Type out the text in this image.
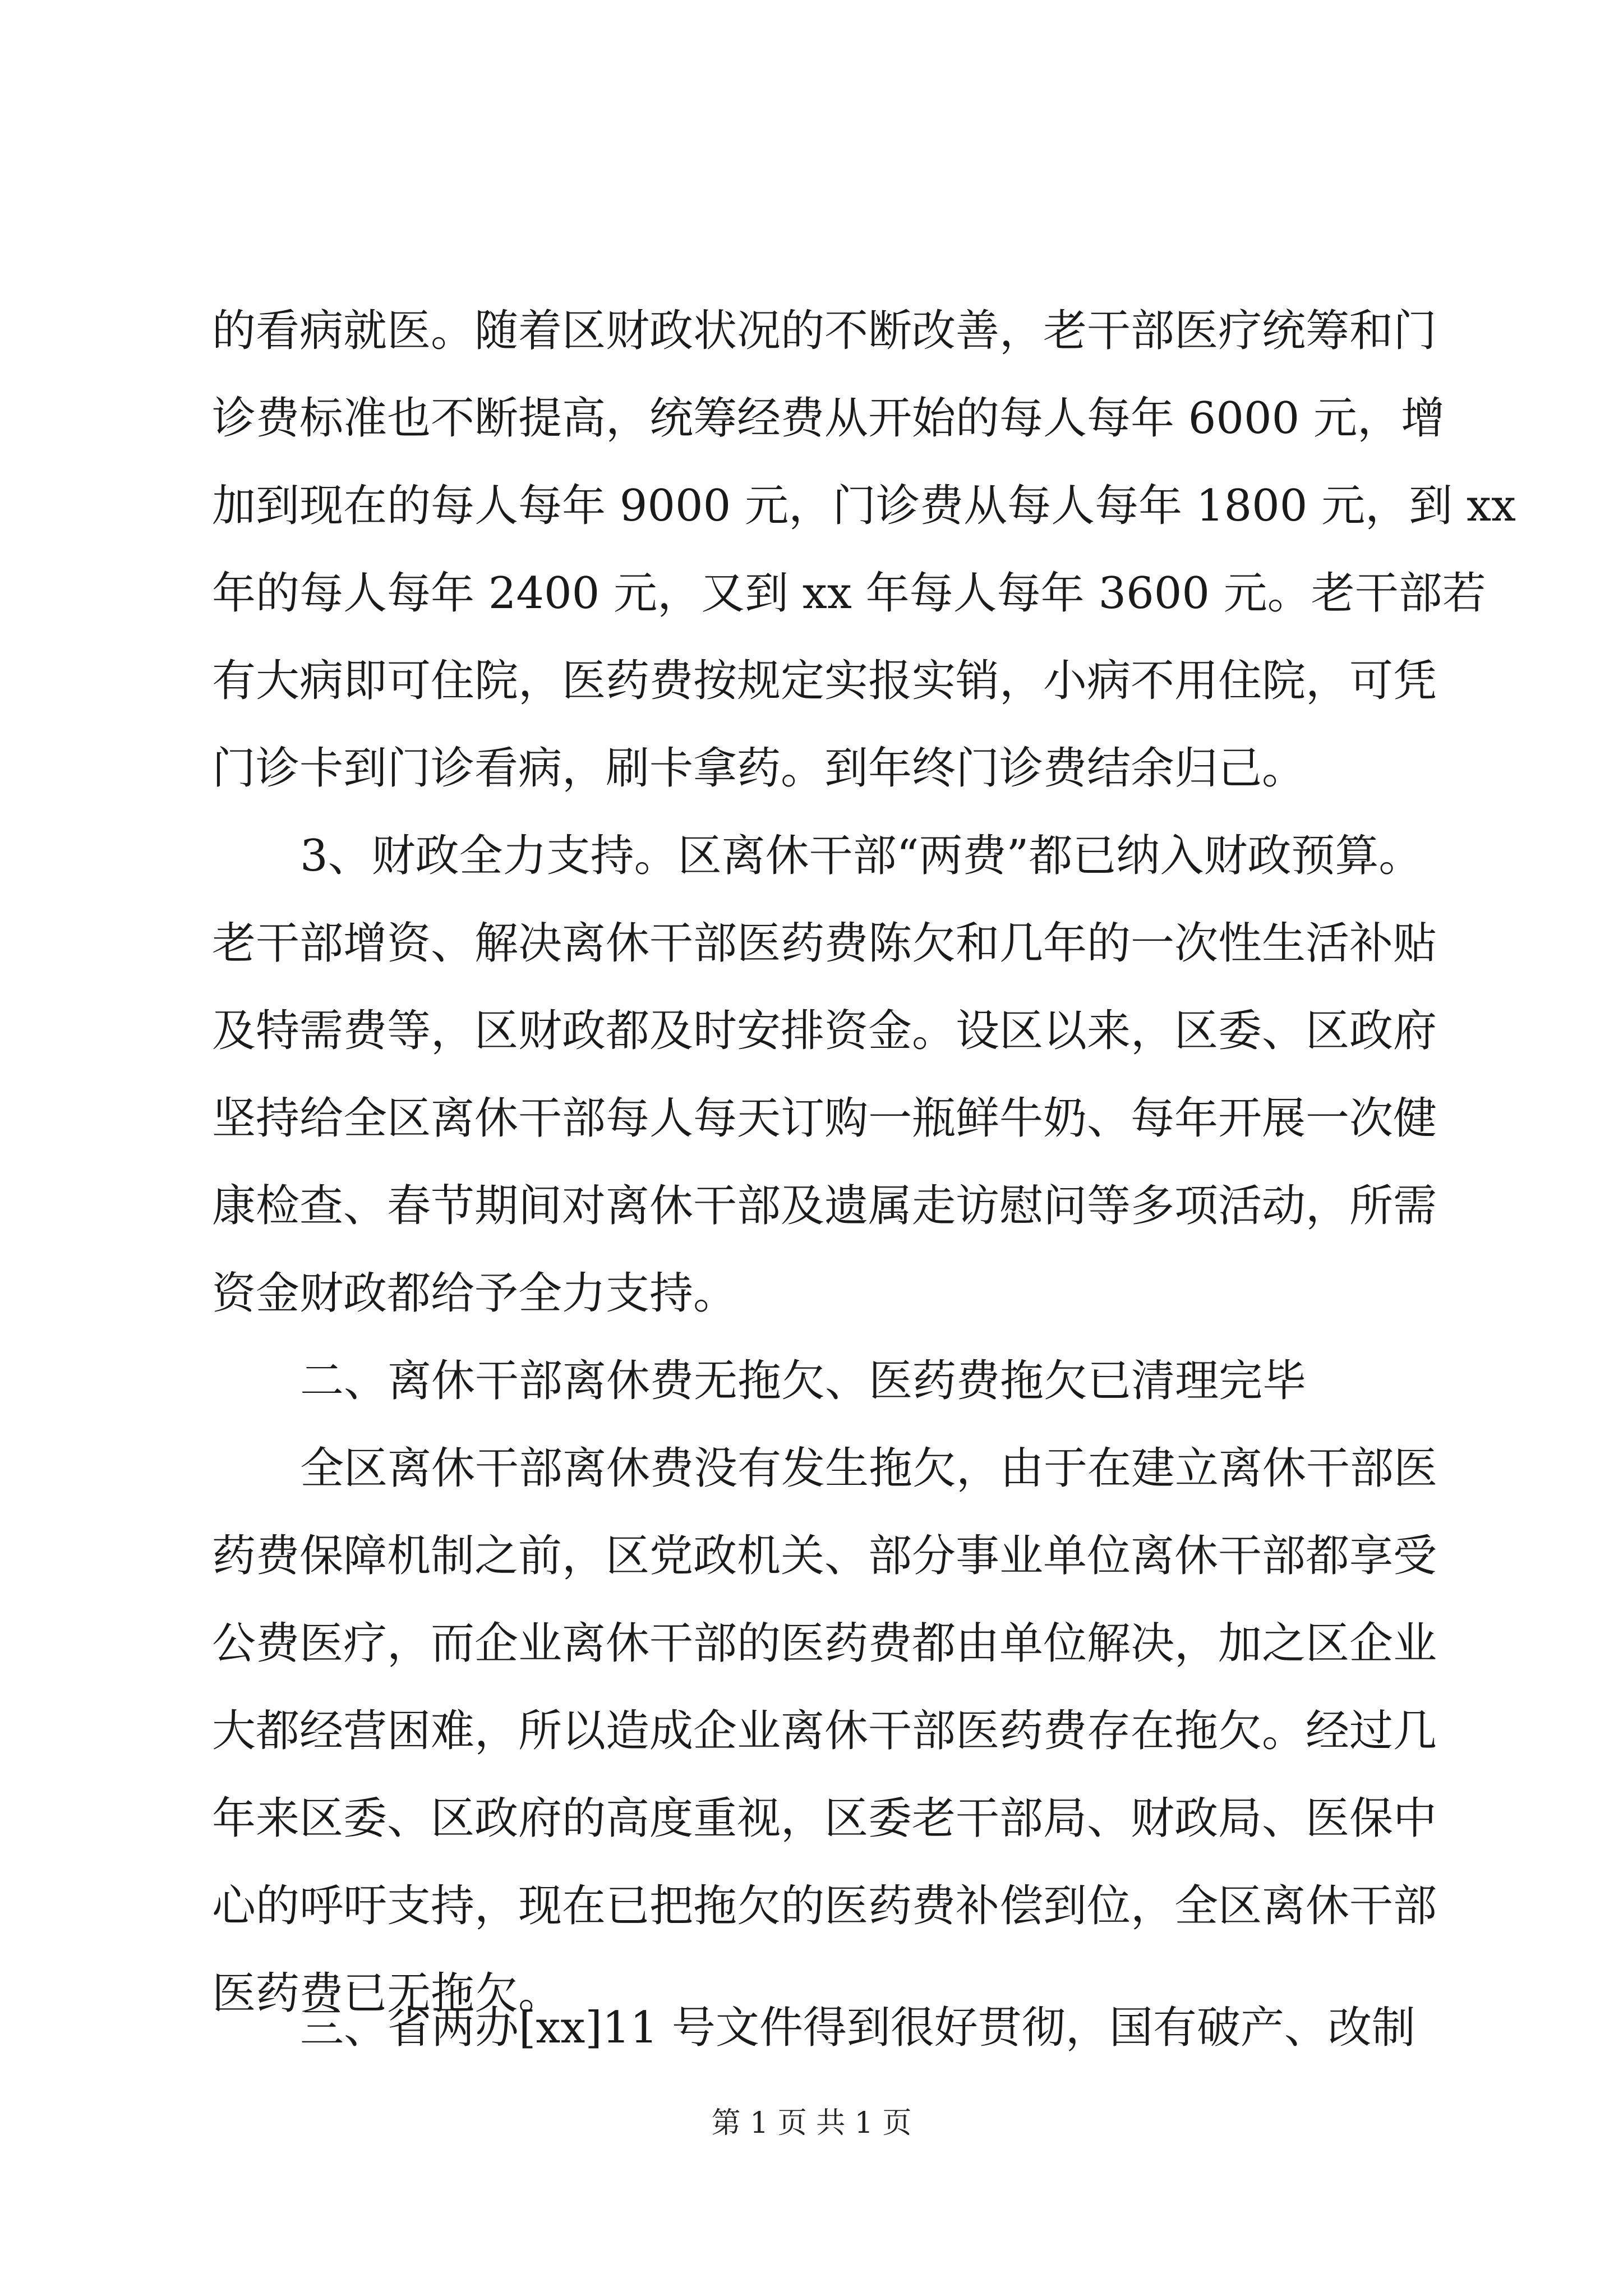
的看病就医。随着区财政状况的不断改善，老干部医疗统筹和门
诊费标准也不断提高，统筹经费从开始的每人每年 6000 元，增
加到现在的每人每年 9000 元，门诊费从每人每年 1800 元，到 xx
年的每人每年 2400 元，又到 xx 年每人每年 3600 元。老干部若
有大病即可住院，医药费按规定实报实销，小病不用住院，可凭
门诊卡到门诊看病，刷卡拿药。到年终门诊费结余归己。
3、财政全力支持。区离休干部“两费”都已纳入财政预算。
老干部增资、解决离休干部医药费陈欠和几年的一次性生活补贴
及特需费等，区财政都及时安排资金。设区以来，区委、区政府
坚持给全区离休干部每人每天订购一瓶鲜牛奶、每年开展一次健
康检查、春节期间对离休干部及遗属走访慰问等多项活动，所需
资金财政都给予全力支持。
二、离休干部离休费无拖欠、医药费拖欠已清理完毕
全区离休干部离休费没有发生拖欠，由于在建立离休干部医
药费保障机制之前，区党政机关、部分事业单位离休干部都享受
公费医疗，而企业离休干部的医药费都由单位解决，加之区企业
大都经营困难，所以造成企业离休干部医药费存在拖欠。经过几
年来区委、区政府的高度重视，区委老干部局、财政局、医保中
心的呼吁支持，现在已把拖欠的医药费补偿到位，全区离休干部
医药费已无拖欠。
三、省两办[xx]11 号文件得到很好贯彻，国有破产、改制
第 1 页 共 1 页
